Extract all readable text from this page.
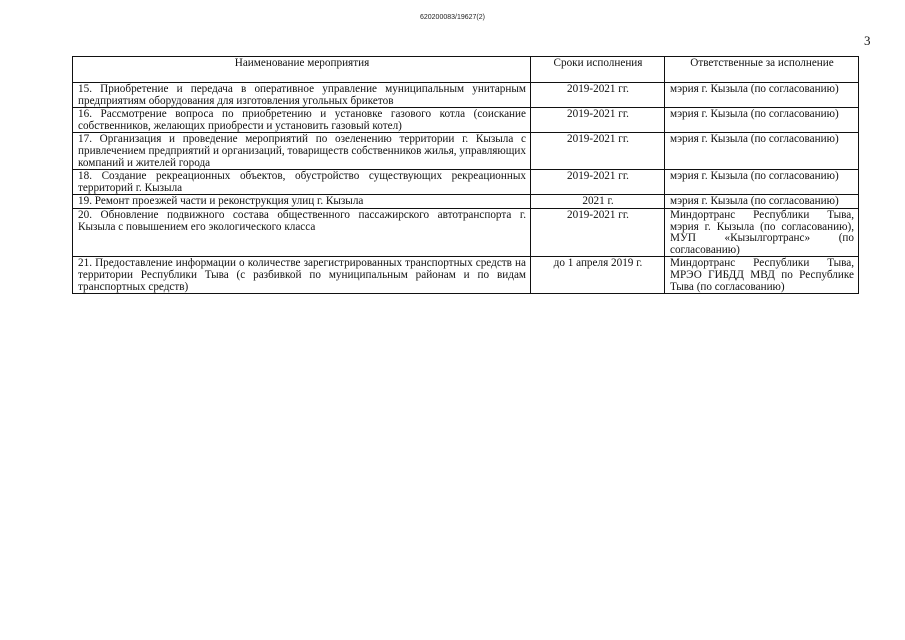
620200083/19627(2)
3
Наименование мероприятия	Сроки исполнения	Ответственные за исполнение
15. Приобретение и передача в оперативное управление муниципальным унитарным предприятиям оборудования для изготовления угольных брикетов	2019-2021 гг.	мэрия г. Кызыла (по согласованию)
16. Рассмотрение вопроса по приобретению и установке газового котла (соискание собственников, желающих приобрести и установить газовый котел)	2019-2021 гг.	мэрия г. Кызыла (по согласованию)
17. Организация и проведение мероприятий по озеленению территории г. Кызыла с привлечением предприятий и организаций, товариществ собственников жилья, управляющих компаний и жителей города	2019-2021 гг.	мэрия г. Кызыла (по согласованию)
18. Создание рекреационных объектов, обустройство существующих рекреационных территорий г. Кызыла	2019-2021 гг.	мэрия г. Кызыла (по согласованию)
19. Ремонт проезжей части и реконструкция улиц г. Кызыла	2021 г.	мэрия г. Кызыла (по согласованию)
20. Обновление подвижного состава общественного пассажирского автотранспорта г. Кызыла с повышением его экологического класса	2019-2021 гг.	Миндортранс Республики Тыва, мэрия г. Кызыла (по согласованию), МУП «Кызылгортранс» (по согласованию)
21. Предоставление информации о количестве зарегистрированных транспортных средств на территории Республики Тыва (с разбивкой по муниципальным районам и по видам транспортных средств)	до 1 апреля 2019 г.	Миндортранс Республики Тыва, МРЭО ГИБДД МВД по Республике Тыва (по согласованию)
